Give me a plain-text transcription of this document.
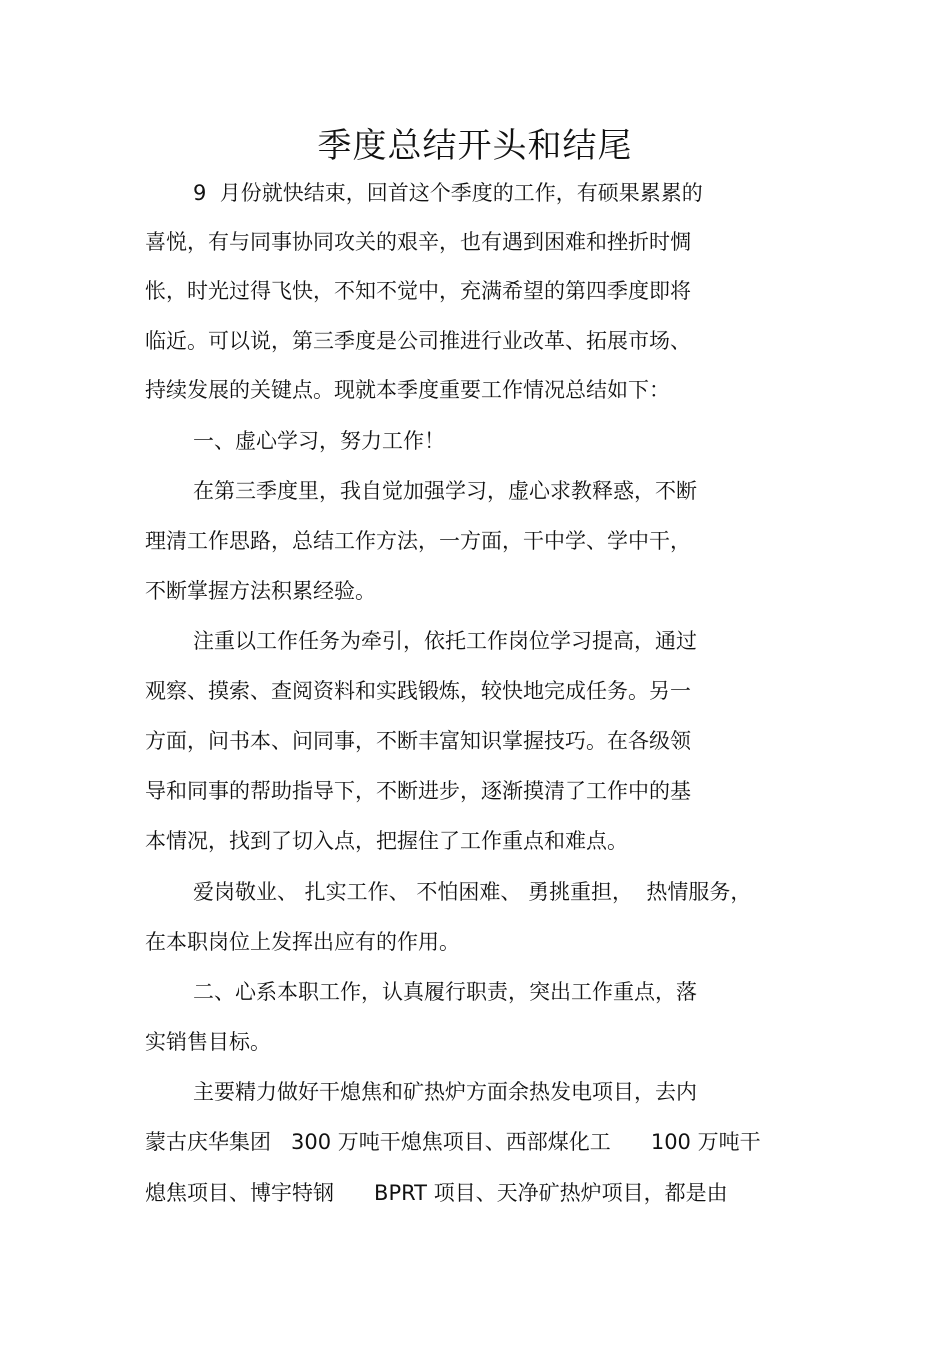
季度总结开头和结尾
9  月份就快结束，回首这个季度的工作，有硕果累累的
喜悦，有与同事协同攻关的艰辛，也有遇到困难和挫折时惆
怅，时光过得飞快，不知不觉中，充满希望的第四季度即将
临近。可以说，第三季度是公司推进行业改革、拓展市场、
持续发展的关键点。现就本季度重要工作情况总结如下：
一、虚心学习，努力工作！
在第三季度里，我自觉加强学习，虚心求教释惑，不断
理清工作思路，总结工作方法，一方面，干中学、学中干，
不断掌握方法积累经验。
注重以工作任务为牵引，依托工作岗位学习提高，通过
观察、摸索、查阅资料和实践锻炼，较快地完成任务。另一
方面，问书本、问同事，不断丰富知识掌握技巧。在各级领
导和同事的帮助指导下，不断进步，逐渐摸清了工作中的基
本情况，找到了切入点，把握住了工作重点和难点。
爱岗敬业、 扎实工作、 不怕困难、 勇挑重担，  热情服务，
在本职岗位上发挥出应有的作用。
二、心系本职工作，认真履行职责，突出工作重点，落
实销售目标。
主要精力做好干熄焦和矿热炉方面余热发电项目，去内
蒙古庆华集团   300 万吨干熄焦项目、西部煤化工      100 万吨干
熄焦项目、博宇特钢      BPRT 项目、天净矿热炉项目，都是由
